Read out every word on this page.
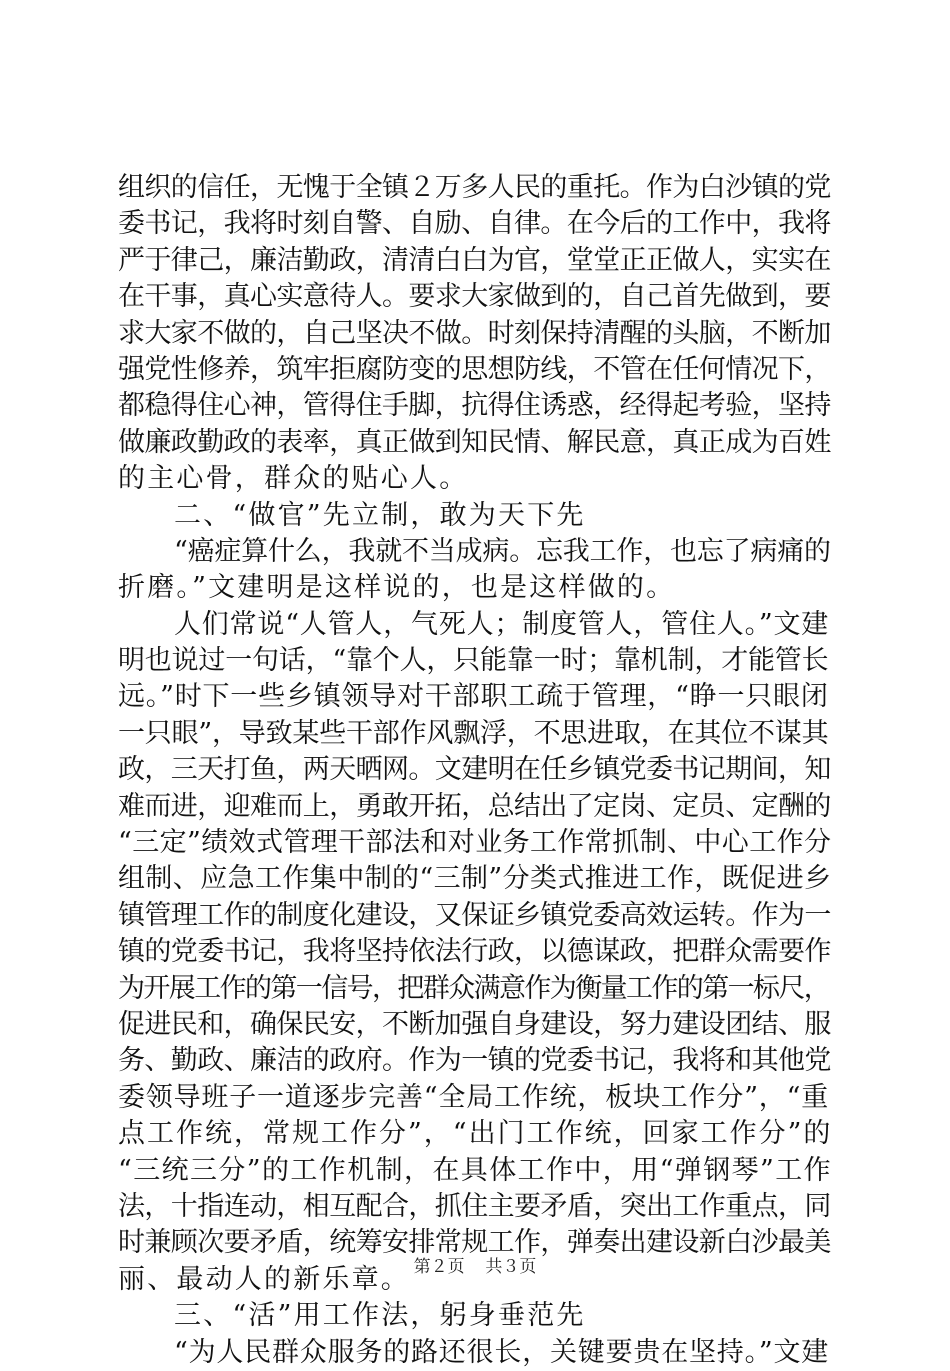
组织的信任，无愧于全镇２万多人民的重托。作为白沙镇的党
委书记，我将时刻自警、自励、自律。在今后的工作中，我将
严于律己，廉洁勤政，清清白白为官，堂堂正正做人，实实在
在干事，真心实意待人。要求大家做到的，自己首先做到，要
求大家不做的，自己坚决不做。时刻保持清醒的头脑，不断加
强党性修养，筑牢拒腐防变的思想防线，不管在任何情况下，
都稳得住心神，管得住手脚，抗得住诱惑，经得起考验，坚持
做廉政勤政的表率，真正做到知民情、解民意，真正成为百姓
的主心骨，群众的贴心人。
二、“做官”先立制，敢为天下先
“癌症算什么，我就不当成病。忘我工作，也忘了病痛的
折磨。”文建明是这样说的，也是这样做的。
人们常说“人管人，气死人；制度管人，管住人。”文建
明也说过一句话，“靠个人，只能靠一时；靠机制，才能管长
远。”时下一些乡镇领导对干部职工疏于管理，“睁一只眼闭
一只眼”，导致某些干部作风飘浮，不思进取，在其位不谋其
政，三天打鱼，两天晒网。文建明在任乡镇党委书记期间，知
难而进，迎难而上，勇敢开拓，总结出了定岗、定员、定酬的
“三定”绩效式管理干部法和对业务工作常抓制、中心工作分
组制、应急工作集中制的“三制”分类式推进工作，既促进乡
镇管理工作的制度化建设，又保证乡镇党委高效运转。作为一
镇的党委书记，我将坚持依法行政，以德谋政，把群众需要作
为开展工作的第一信号，把群众满意作为衡量工作的第一标尺，
促进民和，确保民安，不断加强自身建设，努力建设团结、服
务、勤政、廉洁的政府。作为一镇的党委书记，我将和其他党
委领导班子一道逐步完善“全局工作统，板块工作分”，“重
点工作统，常规工作分”，“出门工作统，回家工作分”的
“三统三分”的工作机制，在具体工作中，用“弹钢琴”工作
法，十指连动，相互配合，抓住主要矛盾，突出工作重点，同
时兼顾次要矛盾，统筹安排常规工作，弹奏出建设新白沙最美
丽、最动人的新乐章。
三、“活”用工作法，躬身垂范先
“为人民群众服务的路还很长，关键要贵在坚持。”文建
第２页 共３页
